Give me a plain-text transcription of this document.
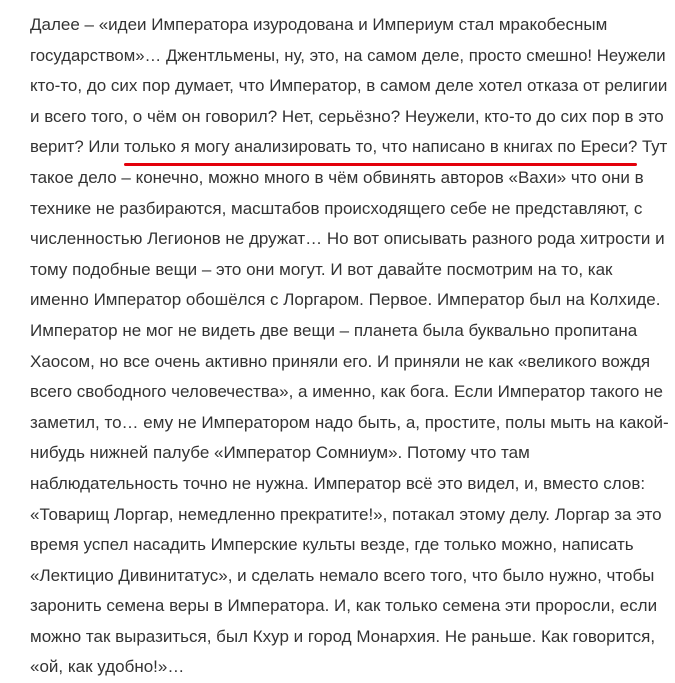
Далее – «идеи Императора изуродована и Империум стал мракобесным
государством»… Джентльмены, ну, это, на самом деле, просто смешно! Неужели
кто-то, до сих пор думает, что Император, в самом деле хотел отказа от религии
и всего того, о чём он говорил? Нет, серьёзно? Неужели, кто-то до сих пор в это
верит? Или только я могу анализировать то, что написано в книгах по Ереси?
Тут
такое дело – конечно, можно много в чём обвинять авторов «Вахи» что они в
технике не разбираются, масштабов происходящего себе не представляют, с
численностью Легионов не дружат… Но вот описывать разного рода хитрости и
тому подобные вещи – это они могут. И вот давайте посмотрим на то, как
именно Император обошёлся с Лоргаром. Первое. Император был на Колхиде.
Император не мог не видеть две вещи – планета была буквально пропитана
Хаосом, но все очень активно приняли его. И приняли не как «великого вождя
всего свободного человечества», а именно, как бога. Если Император такого не
заметил, то… ему не Императором надо быть, а, простите, полы мыть на какой-
нибудь нижней палубе «Император Сомниум». Потому что там
наблюдательность точно не нужна. Император всё это видел, и, вместо слов:
«Товарищ Лоргар, немедленно прекратите!», потакал этому делу. Лоргар за это
время успел насадить Имперские культы везде, где только можно, написать
«Лектицио Дивинитатус», и сделать немало всего того, что было нужно, чтобы
заронить семена веры в Императора. И, как только семена эти проросли, если
можно так выразиться, был Кхур и город Монархия. Не раньше. Как говорится,
«ой, как удобно!»…
